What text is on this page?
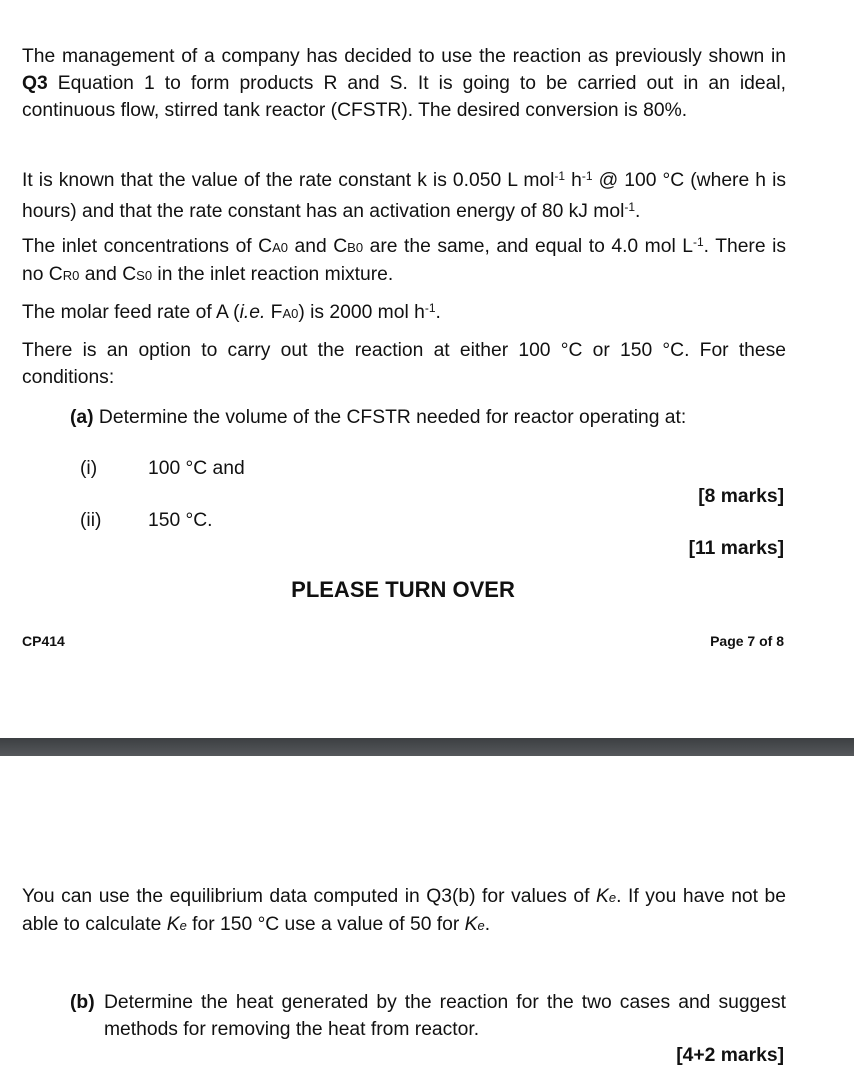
The management of a company has decided to use the reaction as previously shown in Q3 Equation 1 to form products R and S. It is going to be carried out in an ideal, continuous flow, stirred tank reactor (CFSTR). The desired conversion is 80%.

It is known that the value of the rate constant k is 0.050 L mol$^{-1}$ $h^{-1}$ @ 100 °C (where h is hours) and that the rate constant has an activation energy of 80 kJ mol$^{-1}$.

The inlet concentrations of CA0 and CB0 are the same, and equal to 4.0 mol $L^{-1}$. There is no CR0 and CS0 in the inlet reaction mixture.

The molar feed rate of A (i.e. FA0) is 2000 mol $h^{-1}$.

There is an option to carry out the reaction at either 100 °C or 150 °C. For these conditions:

(a) Determine the volume of the CFSTR needed for reactor operating at:
(i)	100 °C and
[8 marks]
(ii) 150 °C.
[11 marks]
PLEASE TURN OVER
CP414	Page 7 of 8

You can use the equilibrium data computed in Q3(b) for values of Ke. If you have not be able to calculate Ke for 150 °C use a value of 50 for Ke.

(b) Determine the heat generated by the reaction for the two cases and suggest methods for removing the heat from reactor.
[4+2 marks]
